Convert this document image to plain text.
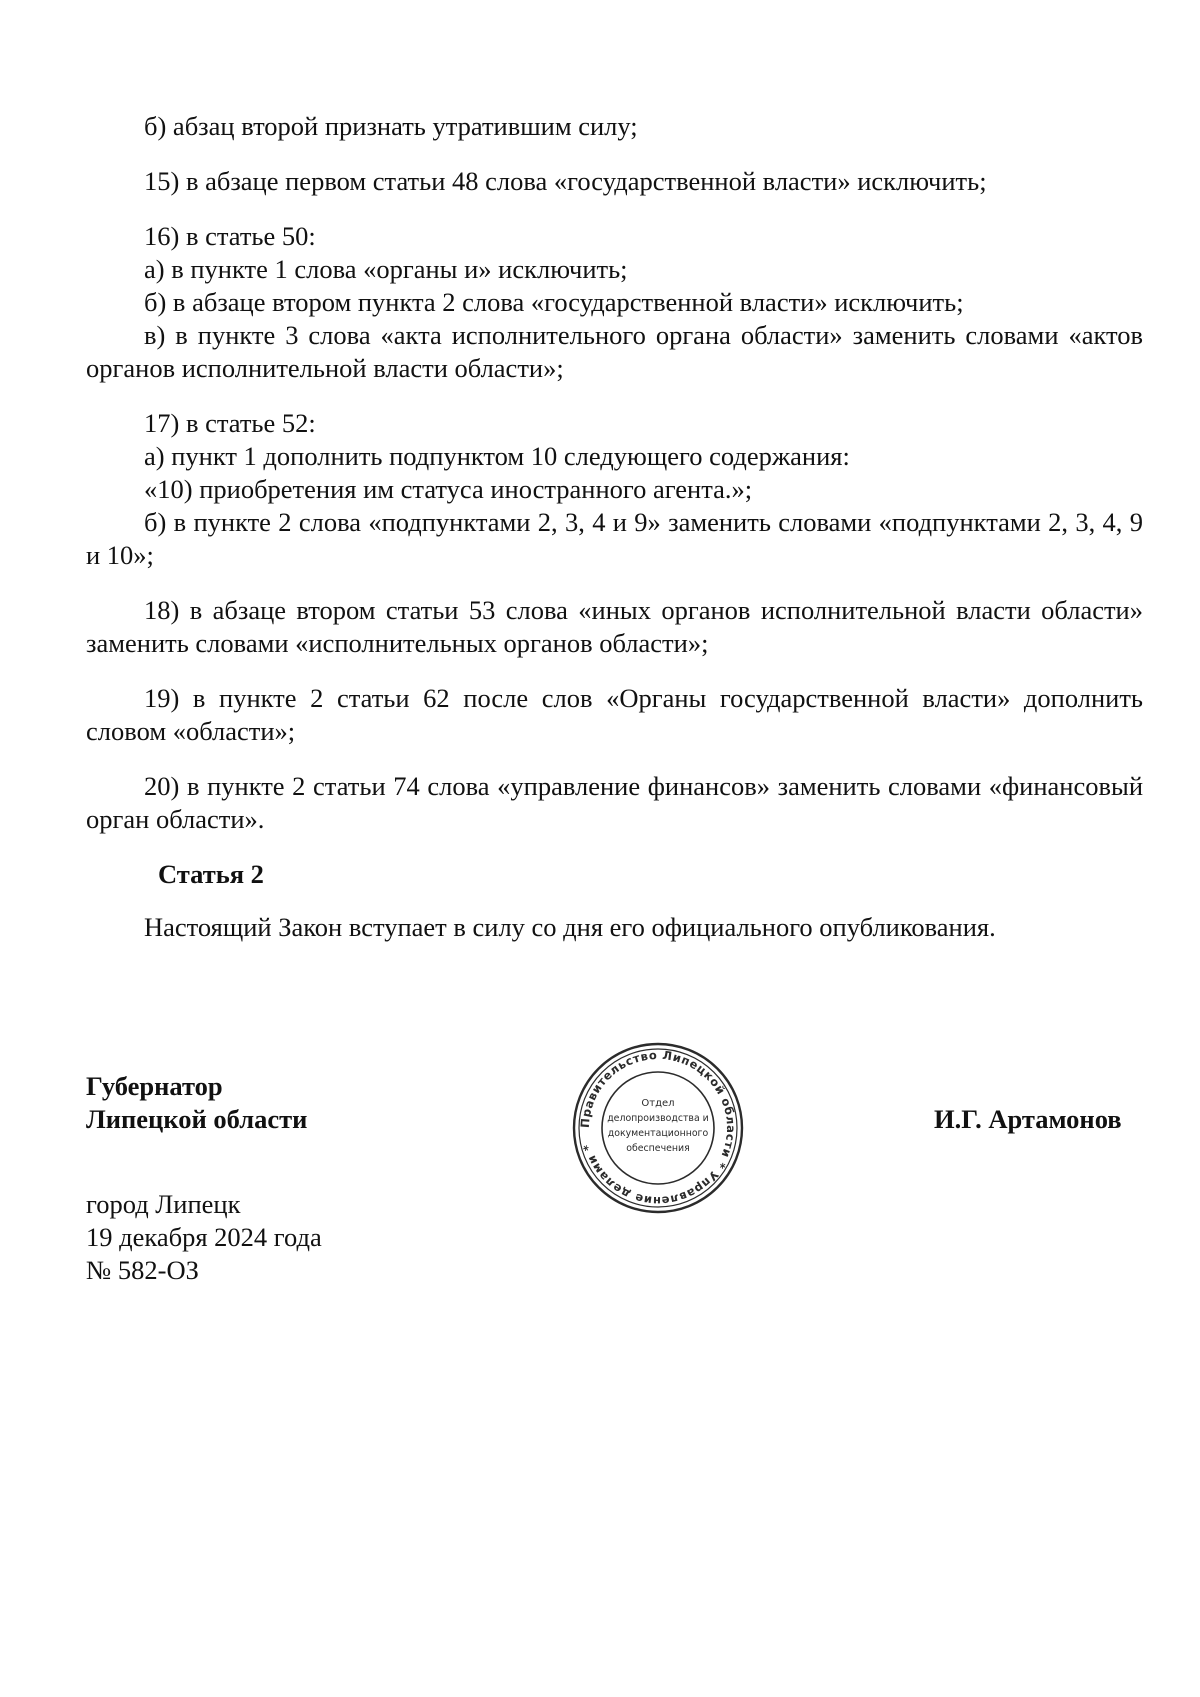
б) абзац второй признать утратившим силу;

15) в абзаце первом статьи 48 слова «государственной власти» исключить;

16) в статье 50:

а) в пункте 1 слова «органы и» исключить;

б) в абзаце втором пункта 2 слова «государственной власти» исключить;

в) в пункте 3 слова «акта исполнительного органа области» заменить словами «актов органов исполнительной власти области»;

17) в статье 52:

а) пункт 1 дополнить подпунктом 10 следующего содержания:

«10) приобретения им статуса иностранного агента.»;

б) в пункте 2 слова «подпунктами 2, 3, 4 и 9» заменить словами «подпунктами 2, 3, 4, 9 и 10»;

18) в абзаце втором статьи 53 слова «иных органов исполнительной власти области» заменить словами «исполнительных органов области»;

19) в пункте 2 статьи 62 после слов «Органы государственной власти» дополнить словом «области»;

20) в пункте 2 статьи 74 слова «управление финансов» заменить словами «финансовый орган области».

Статья 2

Настоящий Закон вступает в силу со дня его официального опубликования.

Губернатор
Липецкой области	Правительство Липецкой области * Управление делами *
Отдел
делопроизводства и
документационного
обеспечения
И.Г. Артамонов
город Липецк
19 декабря 2024 года
№ 582-ОЗ
